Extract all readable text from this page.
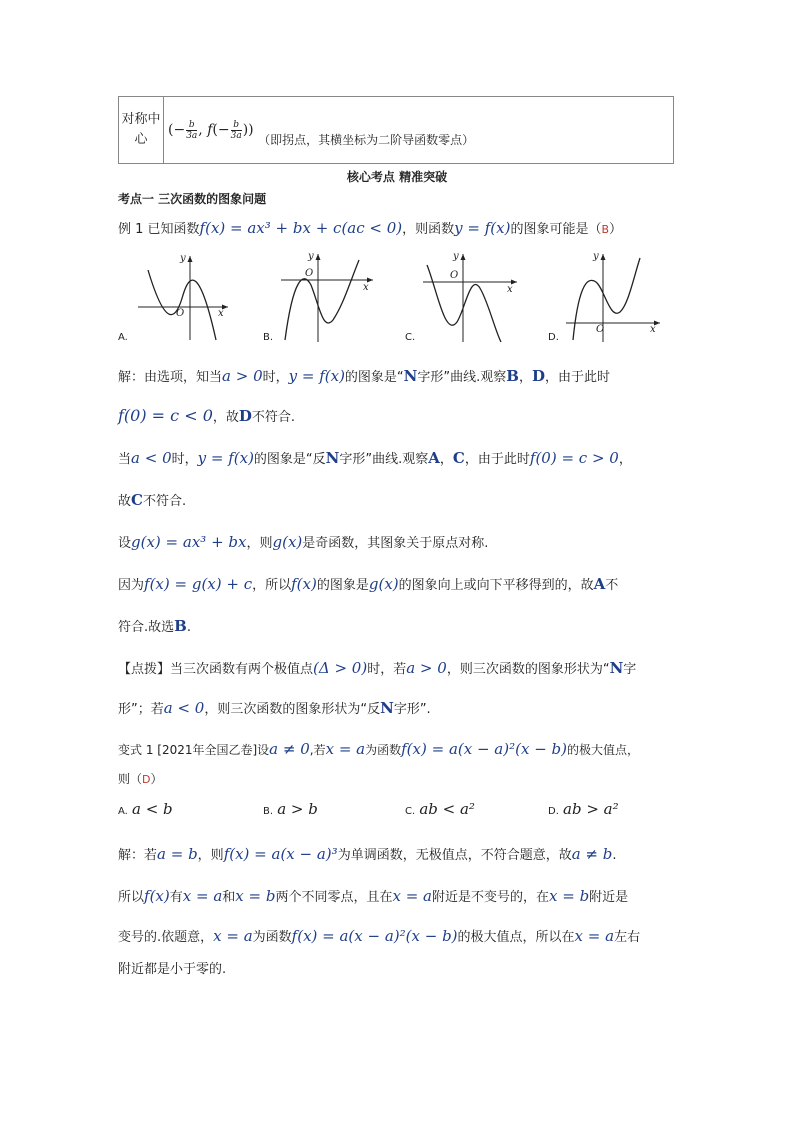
对称中
心
	(− $\frac{b}{3a}$ , $f(- \frac{b}{3a}$ )) （即拐点，其横坐标为二阶导函数零点）
核心考点 精准突破
考点一 三次函数的图象问题
例 1 已知函数f(x) = ax³ + bx + c(ac < 0)，则函数y = f(x)的图象可能是（B）
y
x
O
A.
y
x
O
B.
y
x
O
C.
y
x
O
D.
解：由选项，知当a > 0时，y = f(x)的图象是“N字形”曲线.观察B，D，由于此时
f(0) = c < 0，故D不符合.
当a < 0时，y = f(x)的图象是“反N字形”曲线.观察A，C，由于此时f(0) = c > 0，
故C不符合.
设g(x) = ax³ + bx，则g(x)是奇函数，其图象关于原点对称.
因为f(x) = g(x) + c，所以f(x)的图象是g(x)的图象向上或向下平移得到的，故A不
符合.故选B.
【点拨】当三次函数有两个极值点(Δ > 0)时，若a > 0，则三次函数的图象形状为“N字
形”；若a < 0，则三次函数的图象形状为“反N字形”.
变式 1 [2021年全国乙卷]设a ≠ 0,若x = a为函数f(x) = a(x − a)²(x − b)的极大值点，
则（D）
A. a < b	B. a > b	C. ab < a²	D. ab > a²
解：若a = b，则f(x) = a(x − a)³为单调函数，无极值点，不符合题意，故a ≠ b.
所以f(x)有x = a和x = b两个不同零点，且在x = a附近是不变号的，在x = b附近是
变号的.依题意，x = a为函数f(x) = a(x − a)²(x − b)的极大值点，所以在x = a左右
附近都是小于零的.
